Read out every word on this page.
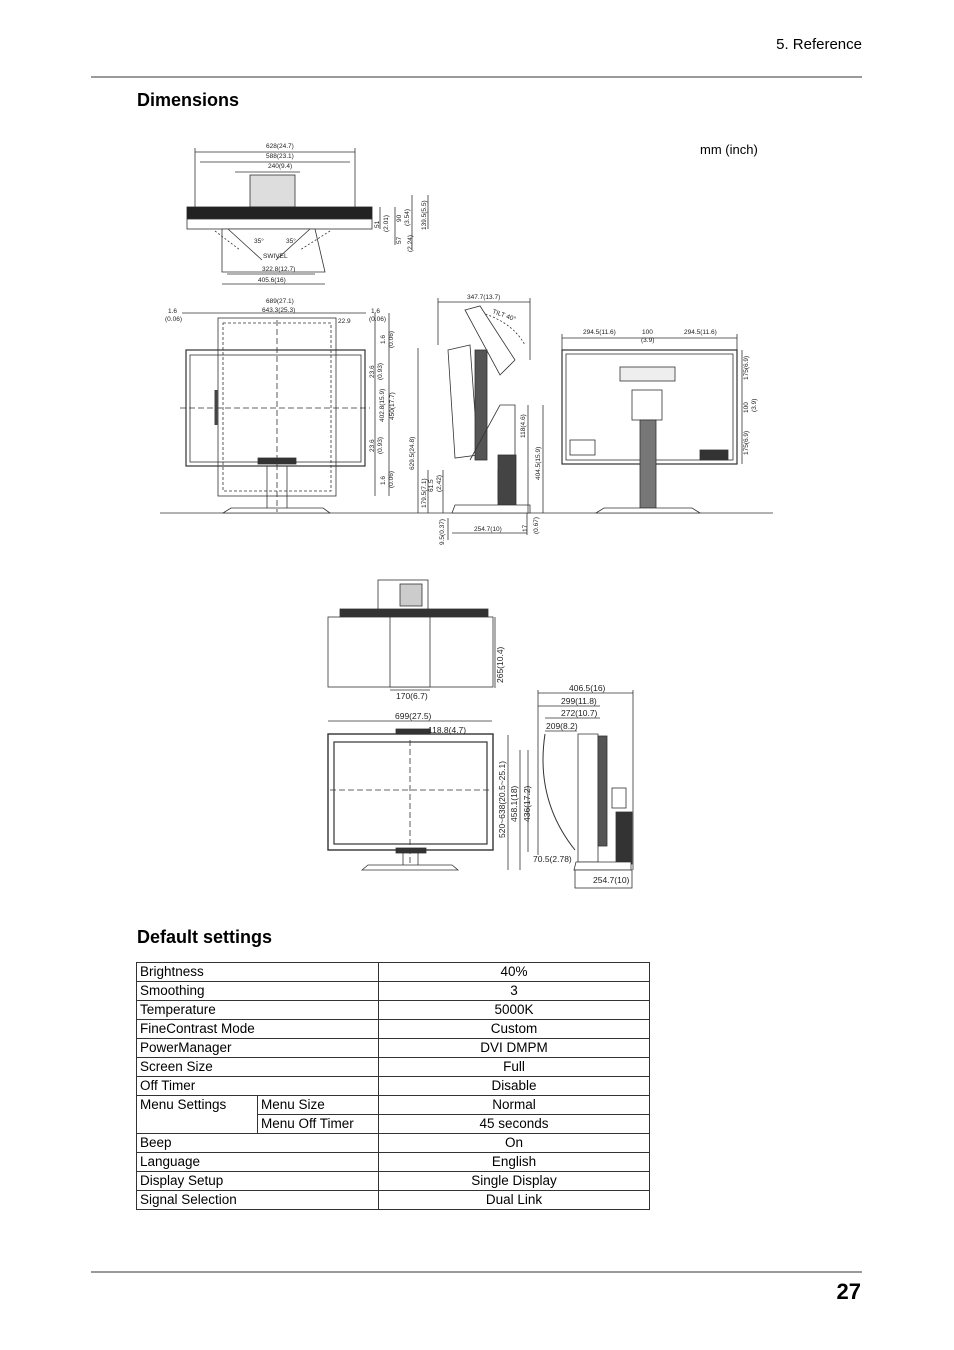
5. Reference
Dimensions
mm (inch)
628(24.7)
588(23.1)
240(9.4)
SWIVEL
35°	35°
322.8(12.7)
405.6(16)
51 (2.01) 90 (3.54) 139.5(5.5)
57 (2.24)
1.6
(0.06)
689(27.1)
643.3(25.3)	1.6
(0.06)
22.9
1.6 (0.06)
23.6 (0.93)
402.8(15.9) 450(17.7)
23.6 (0.93)
1.6 (0.06)
347.7(13.7)
TILT 40°
629.5(24.8)
179.5(7.1) 61.5 (2.42)
118(4.6)
404.5(15.9)
9.5(0.37)	254.7(10)	17 (0.67)
294.5(11.6)	100
(3.9)
294.5(11.6)
175(6.9)
100 (3.9)
175(6.9)
265(10.4)
170(6.7)
699(27.5)
118.8(4.7)
520~638(20.5~25.1) 458.1(18)
406.5(16)
299(11.8)
272(10.7)
209(8.2)
436(17.2)
70.5(2.78)
254.7(10)
Default settings
Brightness		40%
Smoothing		3
Temperature		5000K
FineContrast Mode		Custom
PowerManager		DVI DMPM
Screen Size		Full
Off Timer		Disable
Menu Settings	Menu Size	Normal
	Menu Off Timer	45 seconds
Beep		On
Language		English
Display Setup		Single Display
Signal Selection		Dual Link
27
